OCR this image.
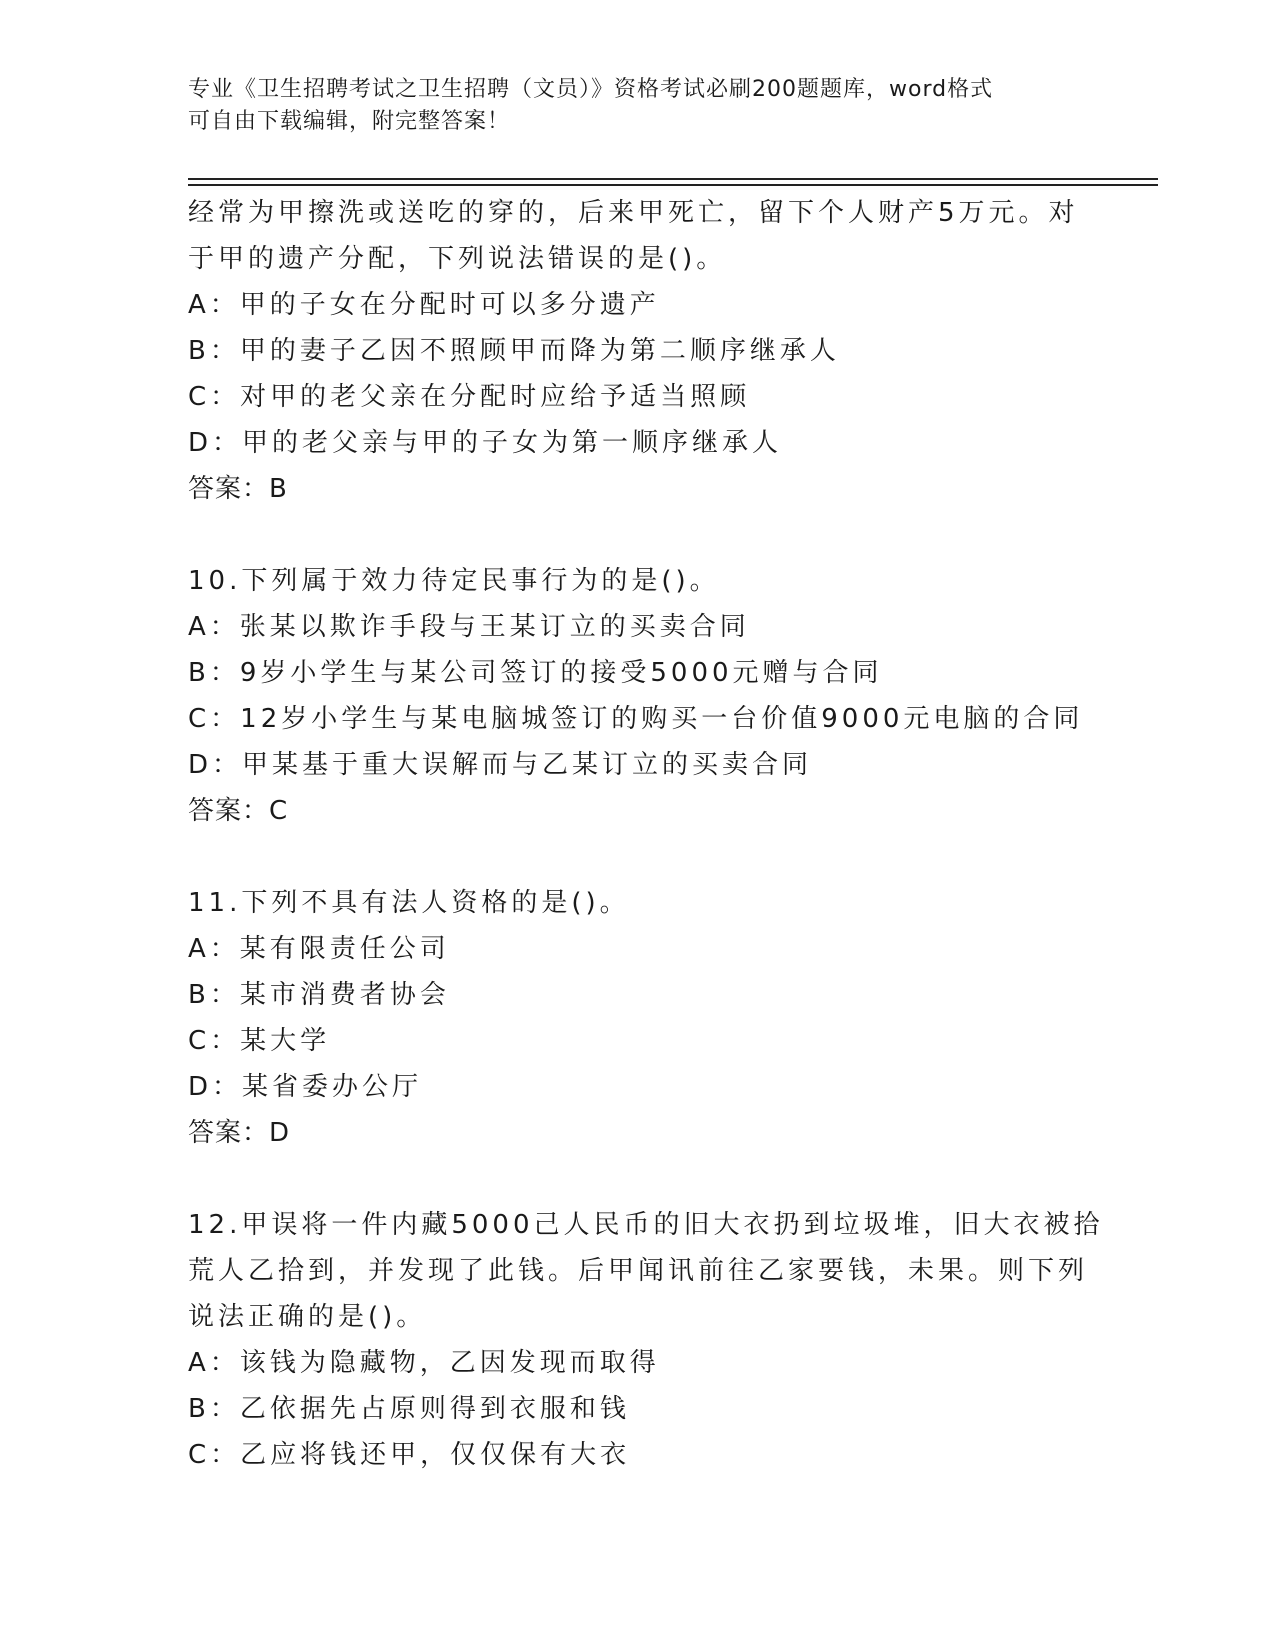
专业《卫生招聘考试之卫生招聘（文员）》资格考试必刷200题题库，word格式
可自由下载编辑，附完整答案！
经常为甲擦洗或送吃的穿的，后来甲死亡，留下个人财产5万元。对
于甲的遗产分配，下列说法错误的是()。
A：甲的子女在分配时可以多分遗产
B：甲的妻子乙因不照顾甲而降为第二顺序继承人
C：对甲的老父亲在分配时应给予适当照顾
D：甲的老父亲与甲的子女为第一顺序继承人
答案：B
10.下列属于效力待定民事行为的是()。
A：张某以欺诈手段与王某订立的买卖合同
B：9岁小学生与某公司签订的接受5000元赠与合同
C：12岁小学生与某电脑城签订的购买一台价值9000元电脑的合同
D：甲某基于重大误解而与乙某订立的买卖合同
答案：C
11.下列不具有法人资格的是()。
A：某有限责任公司
B：某市消费者协会
C：某大学
D：某省委办公厅
答案：D
12.甲误将一件内藏5000己人民币的旧大衣扔到垃圾堆，旧大衣被拾
荒人乙拾到，并发现了此钱。后甲闻讯前往乙家要钱，未果。则下列
说法正确的是()。
A：该钱为隐藏物，乙因发现而取得
B：乙依据先占原则得到衣服和钱
C：乙应将钱还甲，仅仅保有大衣
